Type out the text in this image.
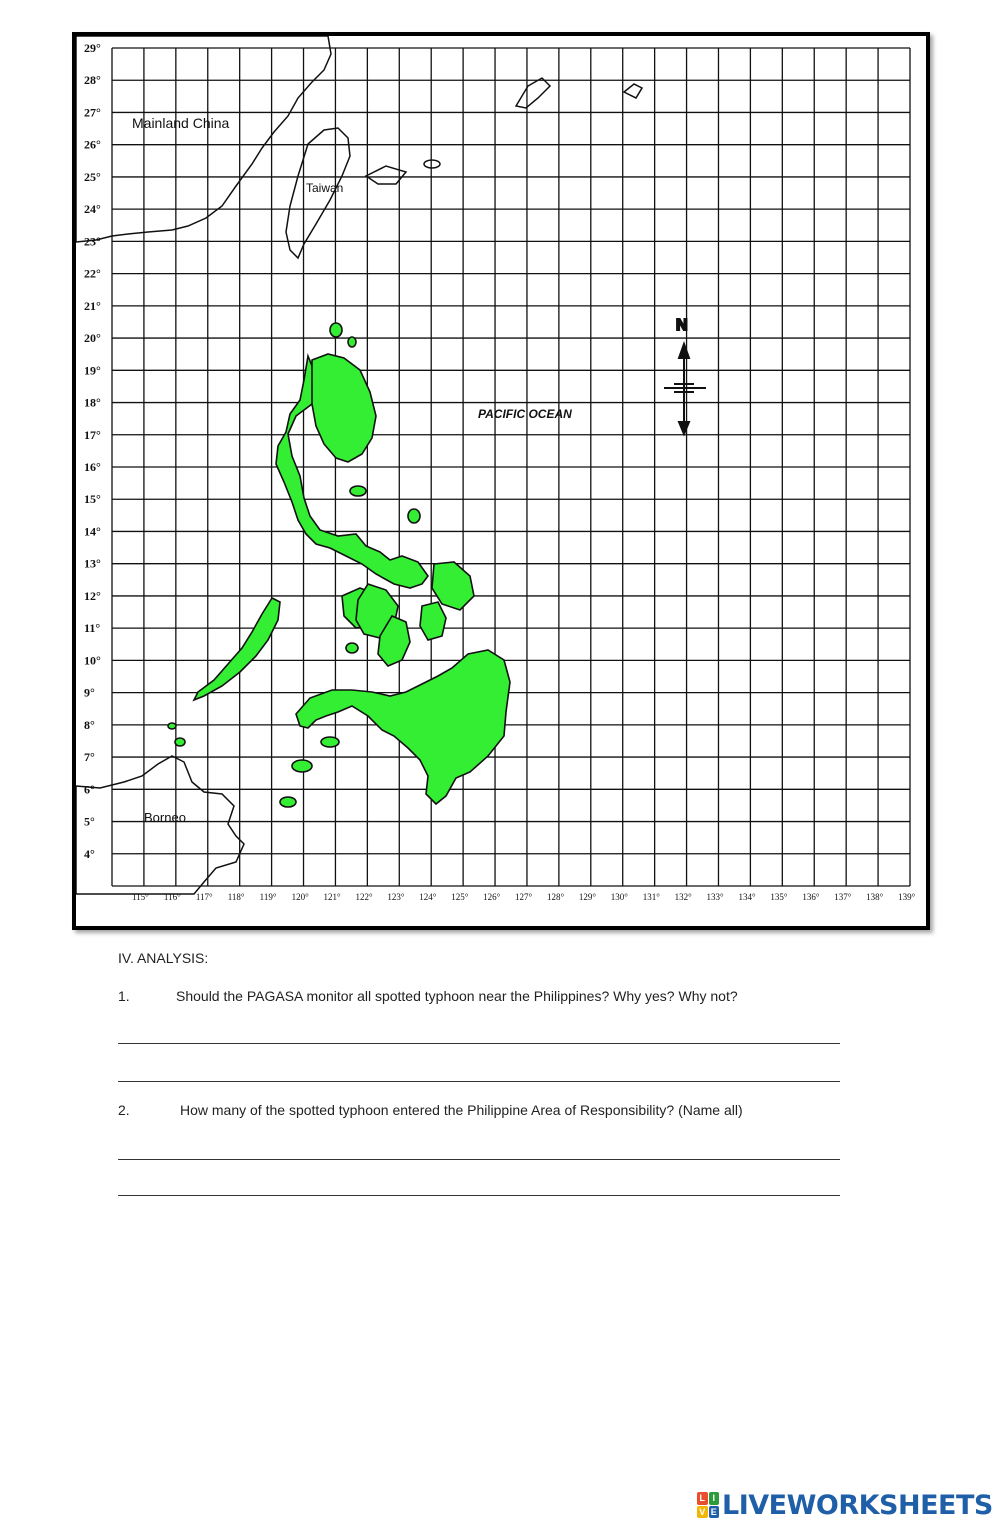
N
Mainland China
Taiwan
Borneo
PACIFIC OCEAN
29°
28°
27°
26°
25°
24°
23°
22°
21°
20°
19°
18°
17°
16°
15°
14°
13°
12°
11°
10°
9°
8°
7°
6°
5°
4°
115° 116° 117° 118° 119° 120° 121° 122° 123° 124° 125° 126° 127° 128° 129° 130° 131° 132° 133° 134° 135° 136° 137° 138° 139°

IV. ANALYSIS:

1.	Should the PAGASA monitor all spotted typhoon near the Philippines? Why yes? Why not?
2.	How many of the spotted typhoon entered the Philippine Area of Responsibility? (Name all)
L I
V E LIVEWORKSHEETS
